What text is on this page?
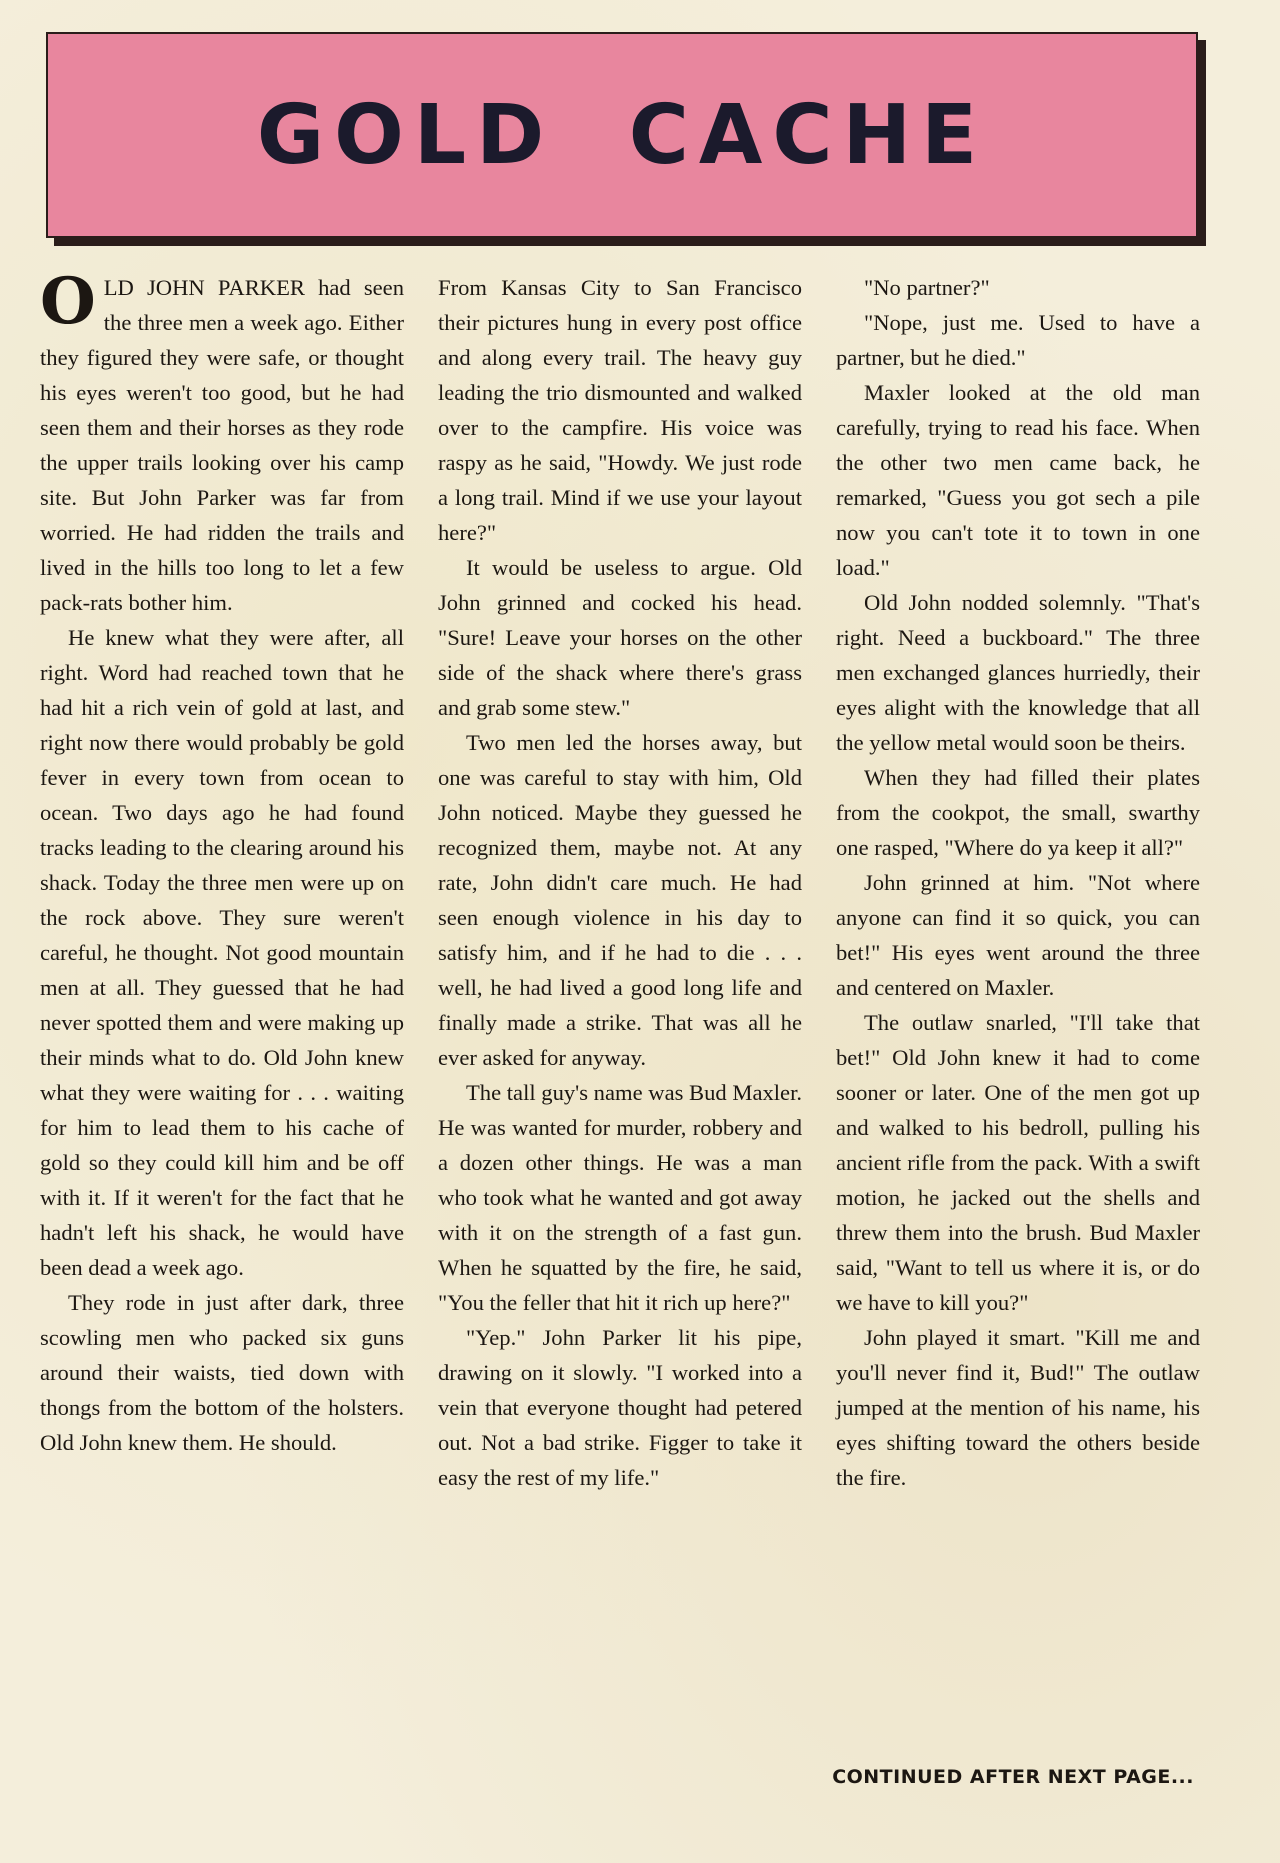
GOLD CACHE

OLD JOHN PARKER had seen the three men a week ago. Either they figured they were safe, or thought his eyes weren't too good, but he had seen them and their horses as they rode the upper trails looking over his camp site. But John Parker was far from worried. He had ridden the trails and lived in the hills too long to let a few pack-rats bother him.

He knew what they were after, all right. Word had reached town that he had hit a rich vein of gold at last, and right now there would probably be gold fever in every town from ocean to ocean. Two days ago he had found tracks leading to the clearing around his shack. Today the three men were up on the rock above. They sure weren't careful, he thought. Not good mountain men at all. They guessed that he had never spotted them and were making up their minds what to do. Old John knew what they were waiting for . . . waiting for him to lead them to his cache of gold so they could kill him and be off with it. If it weren't for the fact that he hadn't left his shack, he would have been dead a week ago.

They rode in just after dark, three scowling men who packed six guns around their waists, tied down with thongs from the bottom of the holsters. Old John knew them. He should.

From Kansas City to San Francisco their pictures hung in every post office and along every trail. The heavy guy leading the trio dismounted and walked over to the campfire. His voice was raspy as he said, "Howdy. We just rode a long trail. Mind if we use your layout here?"

It would be useless to argue. Old John grinned and cocked his head. "Sure! Leave your horses on the other side of the shack where there's grass and grab some stew."

Two men led the horses away, but one was careful to stay with him, Old John noticed. Maybe they guessed he recognized them, maybe not. At any rate, John didn't care much. He had seen enough violence in his day to satisfy him, and if he had to die . . . well, he had lived a good long life and finally made a strike. That was all he ever asked for anyway.

The tall guy's name was Bud Maxler. He was wanted for murder, robbery and a dozen other things. He was a man who took what he wanted and got away with it on the strength of a fast gun. When he squatted by the fire, he said, "You the feller that hit it rich up here?"

"Yep." John Parker lit his pipe, drawing on it slowly. "I worked into a vein that everyone thought had petered out. Not a bad strike. Figger to take it easy the rest of my life."

"No partner?"

"Nope, just me. Used to have a partner, but he died."

Maxler looked at the old man carefully, trying to read his face. When the other two men came back, he remarked, "Guess you got sech a pile now you can't tote it to town in one load."

Old John nodded solemnly. "That's right. Need a buckboard." The three men exchanged glances hurriedly, their eyes alight with the knowledge that all the yellow metal would soon be theirs.

When they had filled their plates from the cookpot, the small, swarthy one rasped, "Where do ya keep it all?"

John grinned at him. "Not where anyone can find it so quick, you can bet!" His eyes went around the three and centered on Maxler.

The outlaw snarled, "I'll take that bet!" Old John knew it had to come sooner or later. One of the men got up and walked to his bedroll, pulling his ancient rifle from the pack. With a swift motion, he jacked out the shells and threw them into the brush. Bud Maxler said, "Want to tell us where it is, or do we have to kill you?"

John played it smart. "Kill me and you'll never find it, Bud!" The outlaw jumped at the mention of his name, his eyes shifting toward the others beside the fire.

CONTINUED AFTER NEXT PAGE...
